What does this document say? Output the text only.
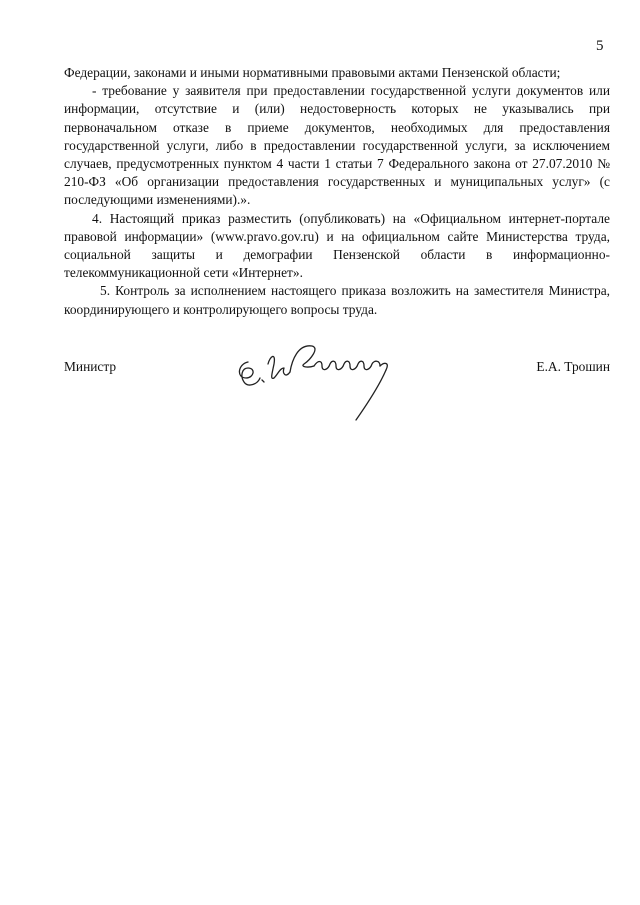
5

Федерации, законами и иными нормативными правовыми актами Пензенской области;

- требование у заявителя при предоставлении государственной услуги документов или информации, отсутствие и (или) недостоверность которых не указывались при первоначальном отказе в приеме документов, необходимых для предоставления государственной услуги, либо в предоставлении государственной услуги, за исключением случаев, предусмотренных пунктом 4 части 1 статьи 7 Федерального закона от 27.07.2010 № 210-ФЗ «Об организации предоставления государственных и муниципальных услуг» (с последующими изменениями).».

4. Настоящий приказ разместить (опубликовать) на «Официальном интернет-портале правовой информации» (www.pravo.gov.ru) и на официальном сайте Министерства труда, социальной защиты и демографии Пензенской области в информационно-телекоммуникационной сети «Интернет».

5. Контроль за исполнением настоящего приказа возложить на заместителя Министра, координирующего и контролирующего вопросы труда.

Министр	Е.А. Трошин
